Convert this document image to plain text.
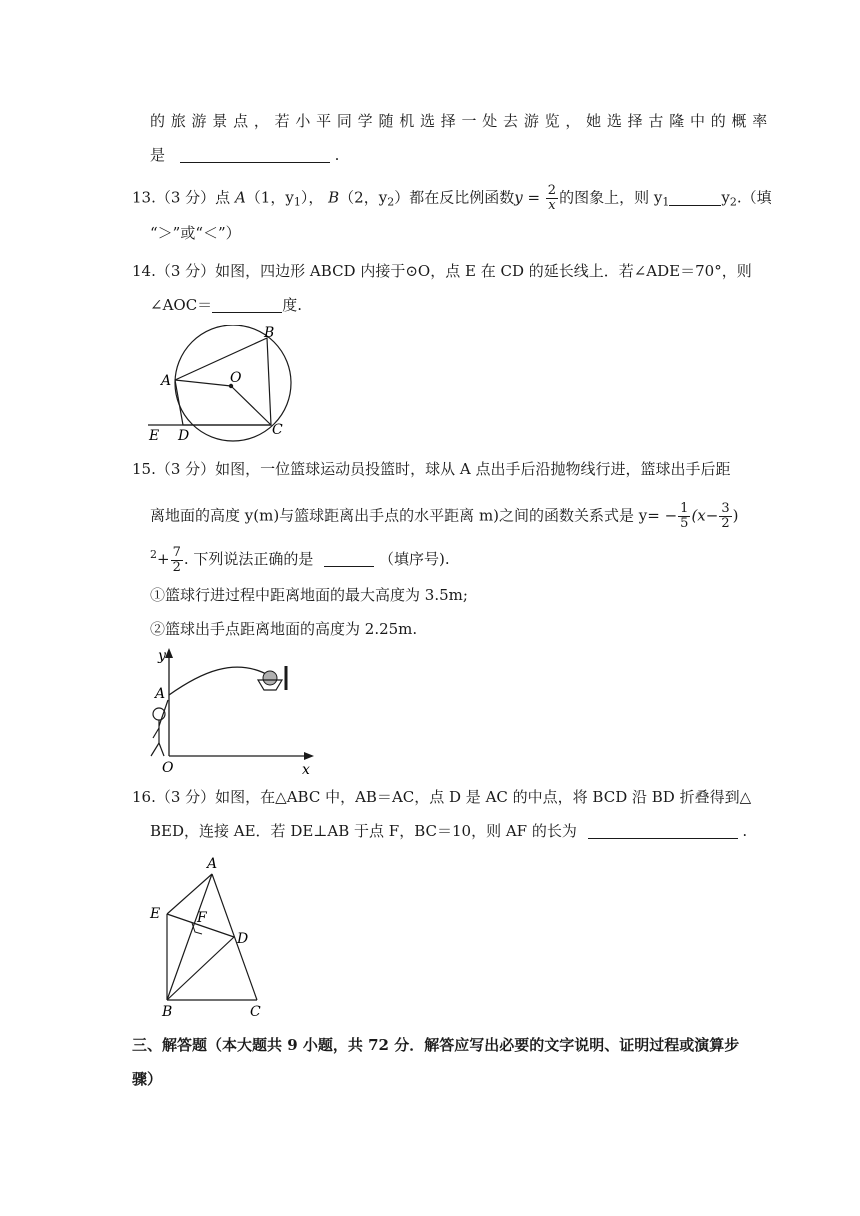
的 旅 游 景 点 ， 若 小 平 同 学 随 机 选 择 一 处 去 游 览 ， 她 选 择 古 隆 中 的 概 率
是	.
13.（3 分）点 A（1，$y_1$）， B（2，$y_2$）都在反比例函数$y = \frac{2}{x}$ 的图象上，则 $y_1$	$y_2$.（填
“＞”或“＜”）
14.（3 分）如图，四边形 ABCD 内接于⊙O，点 E 在 CD 的延长线上．若∠ADE＝70°，则
∠AOC＝	度.
A
B
C
D
E
O
15.（3 分）如图，一位篮球运动员投篮时，球从 A 点出手后沿抛物线行进，篮球出手后距
离地面的高度 y(m)与篮球距离出手点的水平距离 m)之间的函数关系式是 $y= - \frac{1}{5} (x- \frac{3}{2}$ )
$^2+ \frac{7}{2}$ . 下列说法正确的是	（填序号).
①篮球行进过程中距离地面的最大高度为 3.5m;
②篮球出手点距离地面的高度为 2.25m.
y
A
O	x
16.（3 分）如图，在△ABC 中，AB＝AC，点 D 是 AC 的中点，将 BCD 沿 BD 折叠得到△
BED，连接 AE．若 DE⊥AB 于点 F，BC＝10，则 AF 的长为	.
A
E	F
D
B	C
三、解答题（本大题共 9 小题，共 72 分．解答应写出必要的文字说明、证明过程或演算步
骤）
